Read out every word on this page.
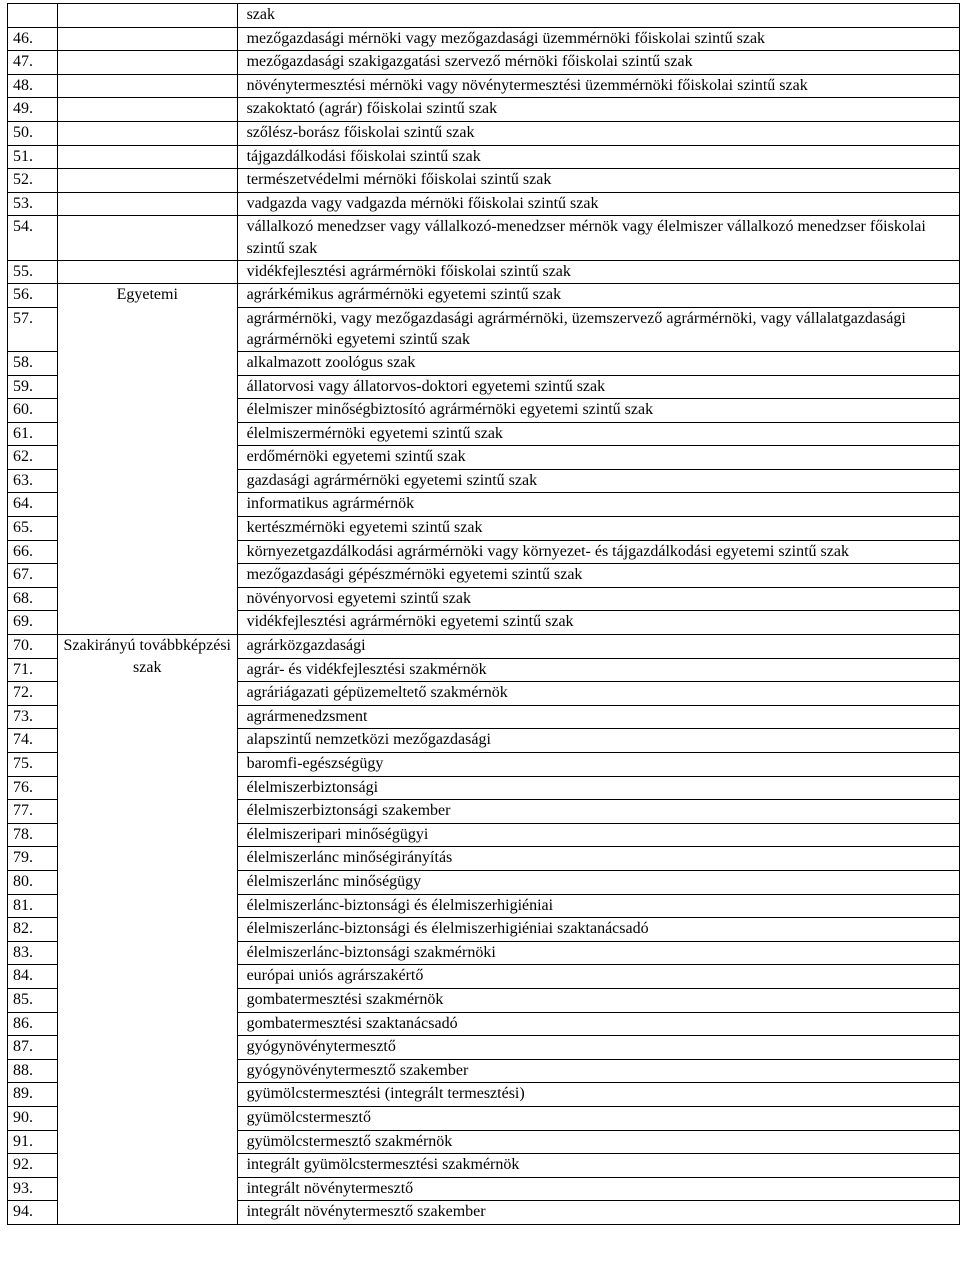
		szak
46.		mezőgazdasági mérnöki vagy mezőgazdasági üzemmérnöki főiskolai szintű szak
47.		mezőgazdasági szakigazgatási szervező mérnöki főiskolai szintű szak
48.		növénytermesztési mérnöki vagy növénytermesztési üzemmérnöki főiskolai szintű szak
49.		szakoktató (agrár) főiskolai szintű szak
50.		szőlész-borász főiskolai szintű szak
51.		tájgazdálkodási főiskolai szintű szak
52.		természetvédelmi mérnöki főiskolai szintű szak
53.		vadgazda vagy vadgazda mérnöki főiskolai szintű szak
54.		vállalkozó menedzser vagy vállalkozó-menedzser mérnök vagy élelmiszer vállalkozó menedzser főiskolai szintű szak
55.		vidékfejlesztési agrármérnöki főiskolai szintű szak
56.	Egyetemi	agrárkémikus agrármérnöki egyetemi szintű szak
57.		agrármérnöki, vagy mezőgazdasági agrármérnöki, üzemszervező agrármérnöki, vagy vállalatgazdasági agrármérnöki egyetemi szintű szak
58.		alkalmazott zoológus szak
59.		állatorvosi vagy állatorvos-doktori egyetemi szintű szak
60.		élelmiszer minőségbiztosító agrármérnöki egyetemi szintű szak
61.		élelmiszermérnöki egyetemi szintű szak
62.		erdőmérnöki egyetemi szintű szak
63.		gazdasági agrármérnöki egyetemi szintű szak
64.		informatikus agrármérnök
65.		kertészmérnöki egyetemi szintű szak
66.		környezetgazdálkodási agrármérnöki vagy környezet- és tájgazdálkodási egyetemi szintű szak
67.		mezőgazdasági gépészmérnöki egyetemi szintű szak
68.		növényorvosi egyetemi szintű szak
69.		vidékfejlesztési agrármérnöki egyetemi szintű szak
70.	Szakirányú továbbképzési szak	agrárközgazdasági
71.		agrár- és vidékfejlesztési szakmérnök
72.		agráriágazati gépüzemeltető szakmérnök
73.		agrármenedzsment
74.		alapszintű nemzetközi mezőgazdasági
75.		baromfi-egészségügy
76.		élelmiszerbiztonsági
77.		élelmiszerbiztonsági szakember
78.		élelmiszeripari minőségügyi
79.		élelmiszerlánc minőségirányítás
80.		élelmiszerlánc minőségügy
81.		élelmiszerlánc-biztonsági és élelmiszerhigiéniai
82.		élelmiszerlánc-biztonsági és élelmiszerhigiéniai szaktanácsadó
83.		élelmiszerlánc-biztonsági szakmérnöki
84.		európai uniós agrárszakértő
85.		gombatermesztési szakmérnök
86.		gombatermesztési szaktanácsadó
87.		gyógynövénytermesztő
88.		gyógynövénytermesztő szakember
89.		gyümölcstermesztési (integrált termesztési)
90.		gyümölcstermesztő
91.		gyümölcstermesztő szakmérnök
92.		integrált gyümölcstermesztési szakmérnök
93.		integrált növénytermesztő
94.		integrált növénytermesztő szakember
